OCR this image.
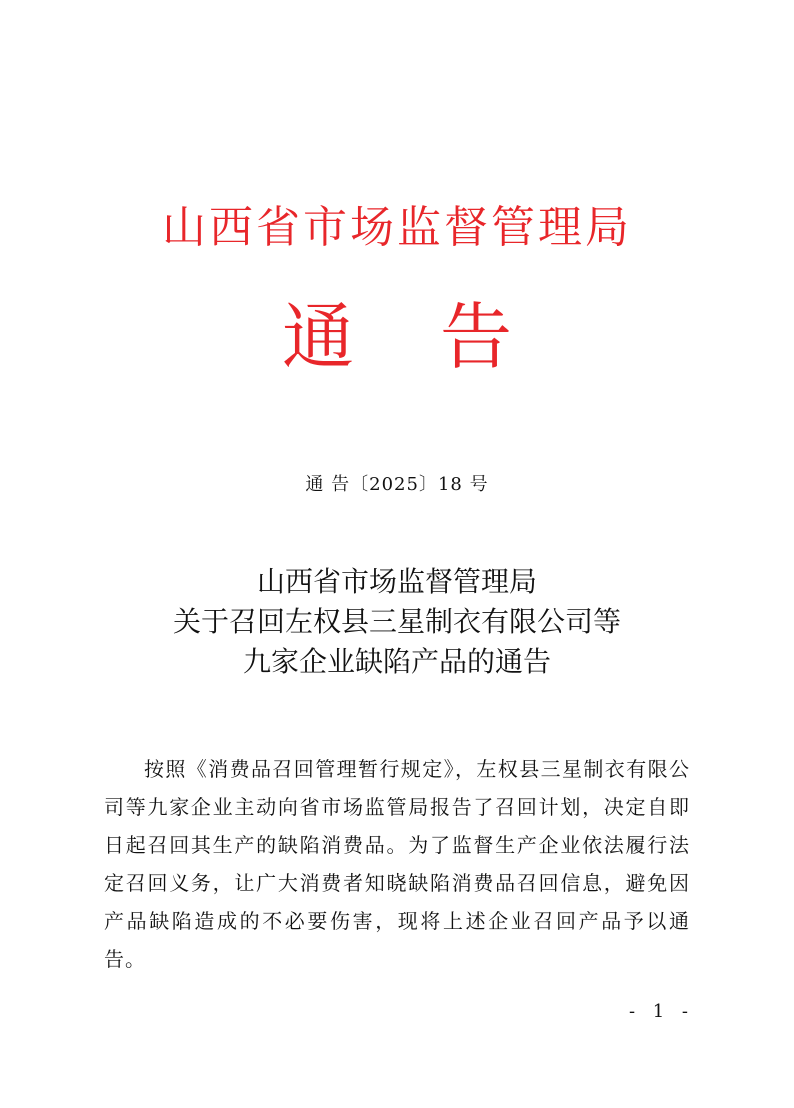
山西省市场监督管理局
通 告
通 告〔2025〕18 号
山西省市场监督管理局
关于召回左权县三星制衣有限公司等
九家企业缺陷产品的通告

按照《消费品召回管理暂行规定》，左权县三星制衣有限公司等九家企业主动向省市场监管局报告了召回计划，决定自即日起召回其生产的缺陷消费品。为了监督生产企业依法履行法定召回义务，让广大消费者知晓缺陷消费品召回信息，避免因产品缺陷造成的不必要伤害，现将上述企业召回产品予以通告。

- 1 -
